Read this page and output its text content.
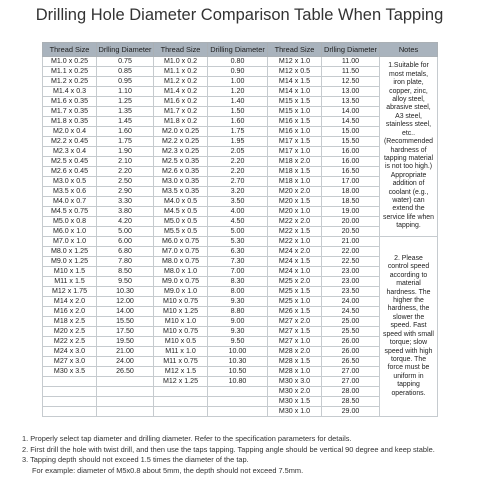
Drilling Hole Diameter Comparison Table When Tapping
Thread Size	Drlling Diameter	Thread Size	Drilling Diameter	Thread Size	Drlling Diameter	Notes
M1.0 x 0.25	0.75	M1.0 x 0.2	0.80	M12 x 1.0	11.00	1.Suitable for most metals, iron plate, copper, zinc, alloy steel, abrasive steel, A3 steel, stainless steel, etc..(Recommended hardness of tapping material is not too high.) Appropriate addition of coolant (e.g., water) can extend the service life when tapping.
M1.1 x 0.25	0.85	M1.1 x 0.2	0.90	M12 x 0.5	11.50	
M1.2 x 0.25	0.95	M1.2 x 0.2	1.00	M14 x 1.5	12.50	
M1.4 x 0.3	1.10	M1.4 x 0.2	1.20	M14 x 1.0	13.00	
M1.6 x 0.35	1.25	M1.6 x 0.2	1.40	M15 x 1.5	13.50	
M1.7 x 0.35	1.35	M1.7 x 0.2	1.50	M15 x 1.0	14.00	
M1.8 x 0.35	1.45	M1.8 x 0.2	1.60	M16 x 1.5	14.50	
M2.0 x 0.4	1.60	M2.0 x 0.25	1.75	M16 x 1.0	15.00	
M2.2 x 0.45	1.75	M2.2 x 0.25	1.95	M17 x 1.5	15.50	
M2.3 x 0.4	1.90	M2.3 x 0.25	2.05	M17 x 1.0	16.00	
M2.5 x 0.45	2.10	M2.5 x 0.35	2.20	M18 x 2.0	16.00	
M2.6 x 0.45	2.20	M2.6 x 0.35	2.20	M18 x 1.5	16.50	
M3.0 x 0.5	2.50	M3.0 x 0.35	2.70	M18 x 1.0	17.00	
M3.5 x 0.6	2.90	M3.5 x 0.35	3.20	M20 x 2.0	18.00	
M4.0 x 0.7	3.30	M4.0 x 0.5	3.50	M20 x 1.5	18.50	
M4.5 x 0.75	3.80	M4.5 x 0.5	4.00	M20 x 1.0	19.00	
M5.0 x 0.8	4.20	M5.0 x 0.5	4.50	M22 x 2.0	20.00	
M6.0 x 1.0	5.00	M5.5 x 0.5	5.00	M22 x 1.5	20.50	
M7.0 x 1.0	6.00	M6.0 x 0.75	5.30	M22 x 1.0	21.00	2. Please control speed according to material hardness. The higher the hardness, the slower the speed. Fast speed with small torque; slow speed with high torque. The force must be uniform in tapping operations.
M8.0 x 1.25	6.80	M7.0 x 0.75	6.30	M24 x 2.0	22.00	
M9.0 x 1.25	7.80	M8.0 x 0.75	7.30	M24 x 1.5	22.50	
M10 x 1.5	8.50	M8.0 x 1.0	7.00	M24 x 1.0	23.00	
M11 x 1.5	9.50	M9.0 x 0.75	8.30	M25 x 2.0	23.00	
M12 x 1.75	10.30	M9.0 x 1.0	8.00	M25 x 1.5	23.50	
M14 x 2.0	12.00	M10 x 0.75	9.30	M25 x 1.0	24.00	
M16 x 2.0	14.00	M10 x 1.25	8.80	M26 x 1.5	24.50	
M18 x 2.5	15.50	M10 x 1.0	9.00	M27 x 2.0	25.00	
M20 x 2.5	17.50	M10 x 0.75	9.30	M27 x 1.5	25.50	
M22 x 2.5	19.50	M10 x 0.5	9.50	M27 x 1.0	26.00	
M24 x 3.0	21.00	M11 x 1.0	10.00	M28 x 2.0	26.00	
M27 x 3.0	24.00	M11 x 0.75	10.30	M28 x 1.5	26.50	
M30 x 3.5	26.50	M12 x 1.5	10.50	M28 x 1.0	27.00	
		M12 x 1.25	10.80	M30 x 3.0	27.00	
				M30 x 2.0	28.00	
				M30 x 1.5	28.50	
				M30 x 1.0	29.00	
1. Properly select tap diameter and drilling diameter. Refer to the specification parameters for details.
2. First drill the hole with twist drill, and then use the taps tapping. Tapping angle should be vertical 90 degree and keep stable.
3. Tapping depth should not exceed 1.5 times the diameter of the tap.
For example: diameter of M5x0.8 about 5mm, the depth should not exceed 7.5mm.
